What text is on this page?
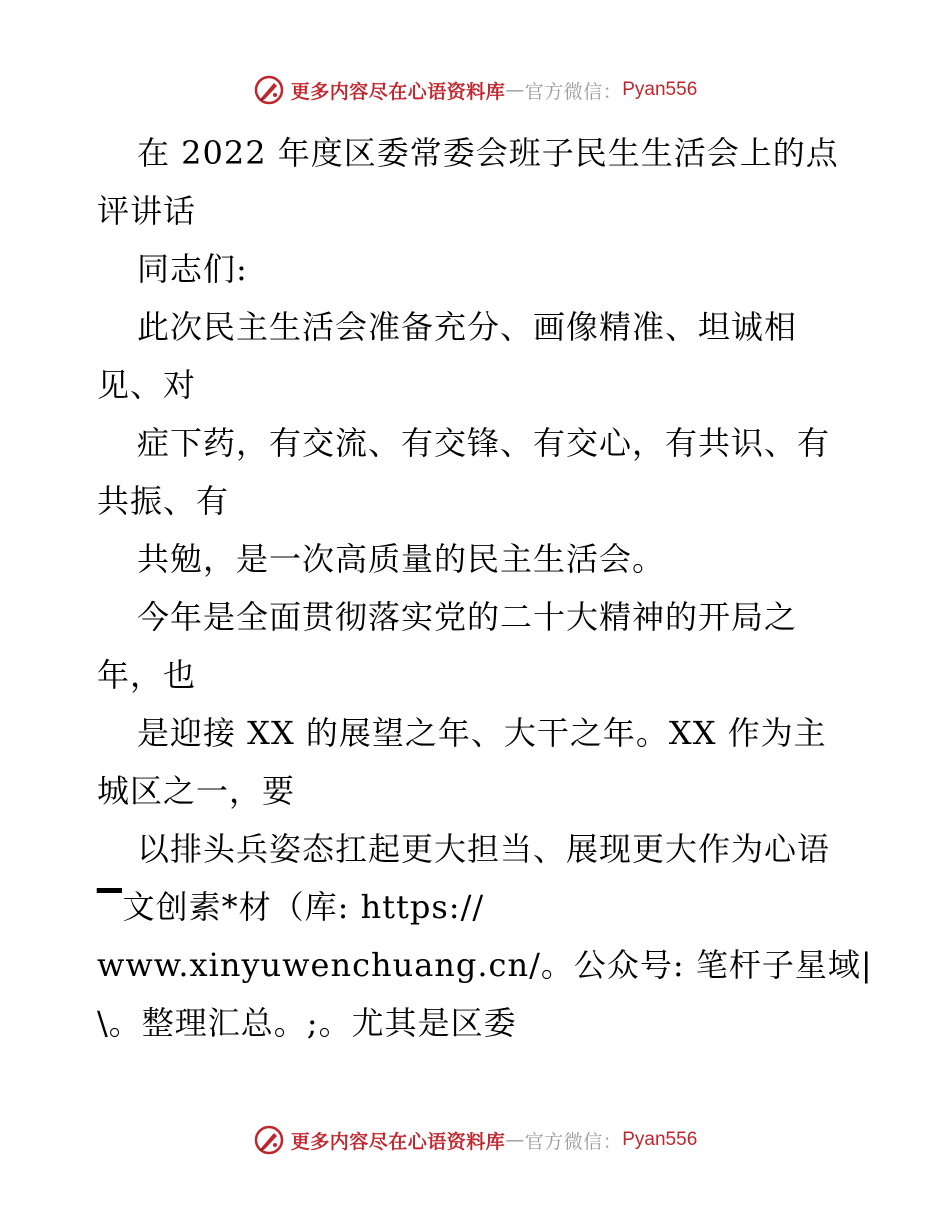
更多内容尽在心语资料库 — 官方微信： Pyan556
在 2022 年度区委常委会班子民生生活会上的点
评讲话
同志们:
此次民主生活会准备充分、画像精准、坦诚相
见、对
症下药，有交流、有交锋、有交心，有共识、有
共振、有
共勉，是一次高质量的民主生活会。
今年是全面贯彻落实党的二十大精神的开局之
年，也
是迎接 XX 的展望之年、大干之年。XX 作为主
城区之一，要
以排头兵姿态扛起更大担当、展现更大作为心语
▔文创素*材（库: https://
www.xinyuwenchuang.cn/。公众号: 笔杆子星域|
\。整理汇总。;。尤其是区委
更多内容尽在心语资料库 — 官方微信： Pyan556
